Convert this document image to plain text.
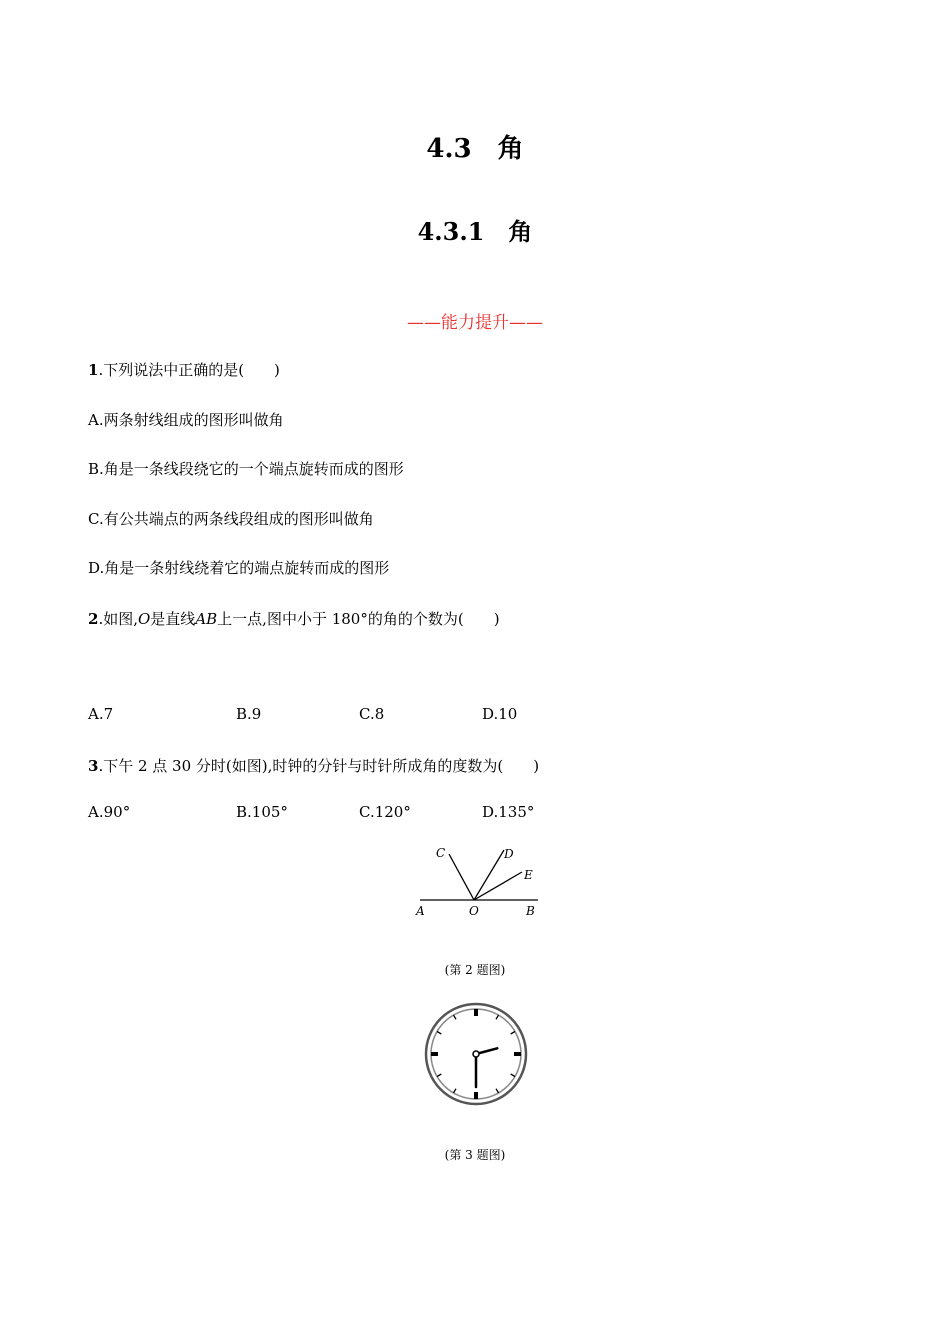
4.3　角
4.3.1　角
——能力提升——
1.下列说法中正确的是(　　)
A.两条射线组成的图形叫做角
B.角是一条线段绕它的一个端点旋转而成的图形
C.有公共端点的两条线段组成的图形叫做角
D.角是一条射线绕着它的端点旋转而成的图形
2.如图,O是直线AB上一点,图中小于 180°的角的个数为(　　)
A.7	B.9	C.8	D.10
3.下午 2 点 30 分时(如图),时钟的分针与时针所成角的度数为(　　)
A.90°	B.105°	C.120°	D.135°
A	O	B
C	D
E
(第 2 题图)
(第 3 题图)
